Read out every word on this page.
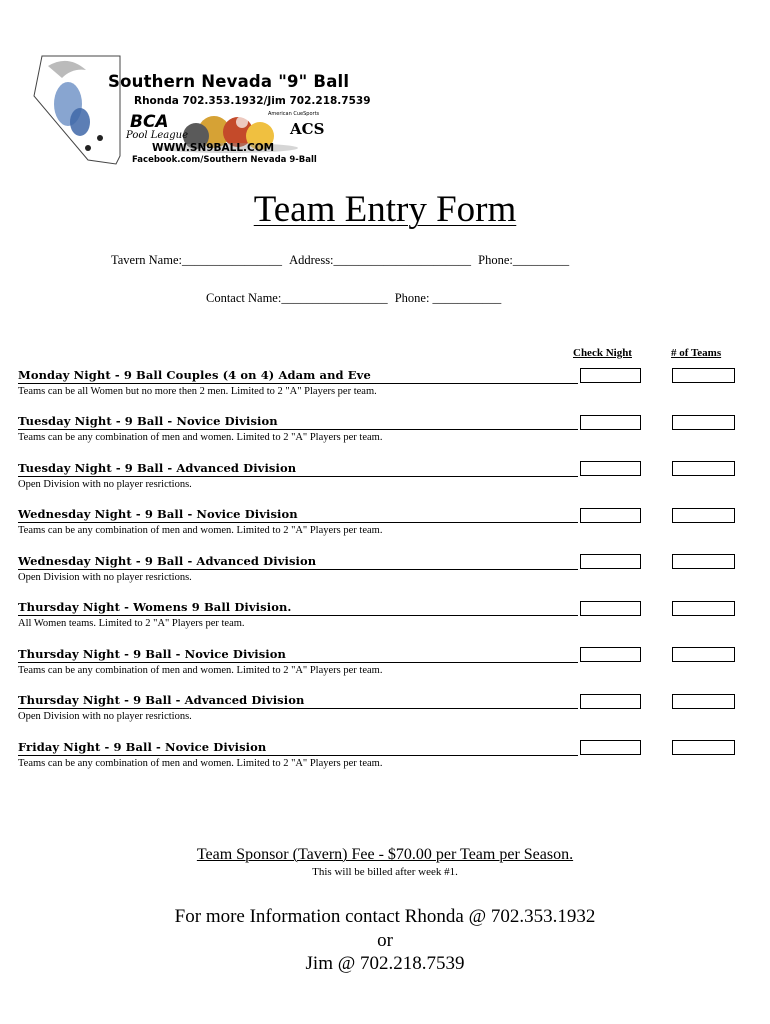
Southern Nevada "9" Ball
Rhonda 702.353.1932/Jim 702.218.7539
BCA
Pool League
American CueSports
ACS
WWW.SN9BALL.COM
Facebook.com/Southern Nevada 9-Ball
Team Entry Form
Tavern Name:________________ Address:______________________ Phone:_________
Contact Name:_________________ Phone: ___________
Check Night	# of Teams
Monday Night - 9 Ball Couples (4 on 4) Adam and Eve
Teams can be all Women but no more then 2 men. Limited to 2 "A" Players per team.
Tuesday Night - 9 Ball - Novice Division
Teams can be any combination of men and women. Limited to 2 "A" Players per team.
Tuesday Night - 9 Ball - Advanced Division
Open Division with no player resrictions.
Wednesday Night - 9 Ball - Novice Division
Teams can be any combination of men and women. Limited to 2 "A" Players per team.
Wednesday Night - 9 Ball - Advanced Division
Open Division with no player resrictions.
Thursday Night - Womens 9 Ball Division.
All Women teams. Limited to 2 "A" Players per team.
Thursday Night - 9 Ball - Novice Division
Teams can be any combination of men and women. Limited to 2 "A" Players per team.
Thursday Night - 9 Ball - Advanced Division
Open Division with no player resrictions.
Friday Night - 9 Ball - Novice Division
Teams can be any combination of men and women. Limited to 2 "A" Players per team.
Team Sponsor (Tavern) Fee - $70.00 per Team per Season.
This will be billed after week #1.
For more Information contact Rhonda @ 702.353.1932
or
Jim @ 702.218.7539
